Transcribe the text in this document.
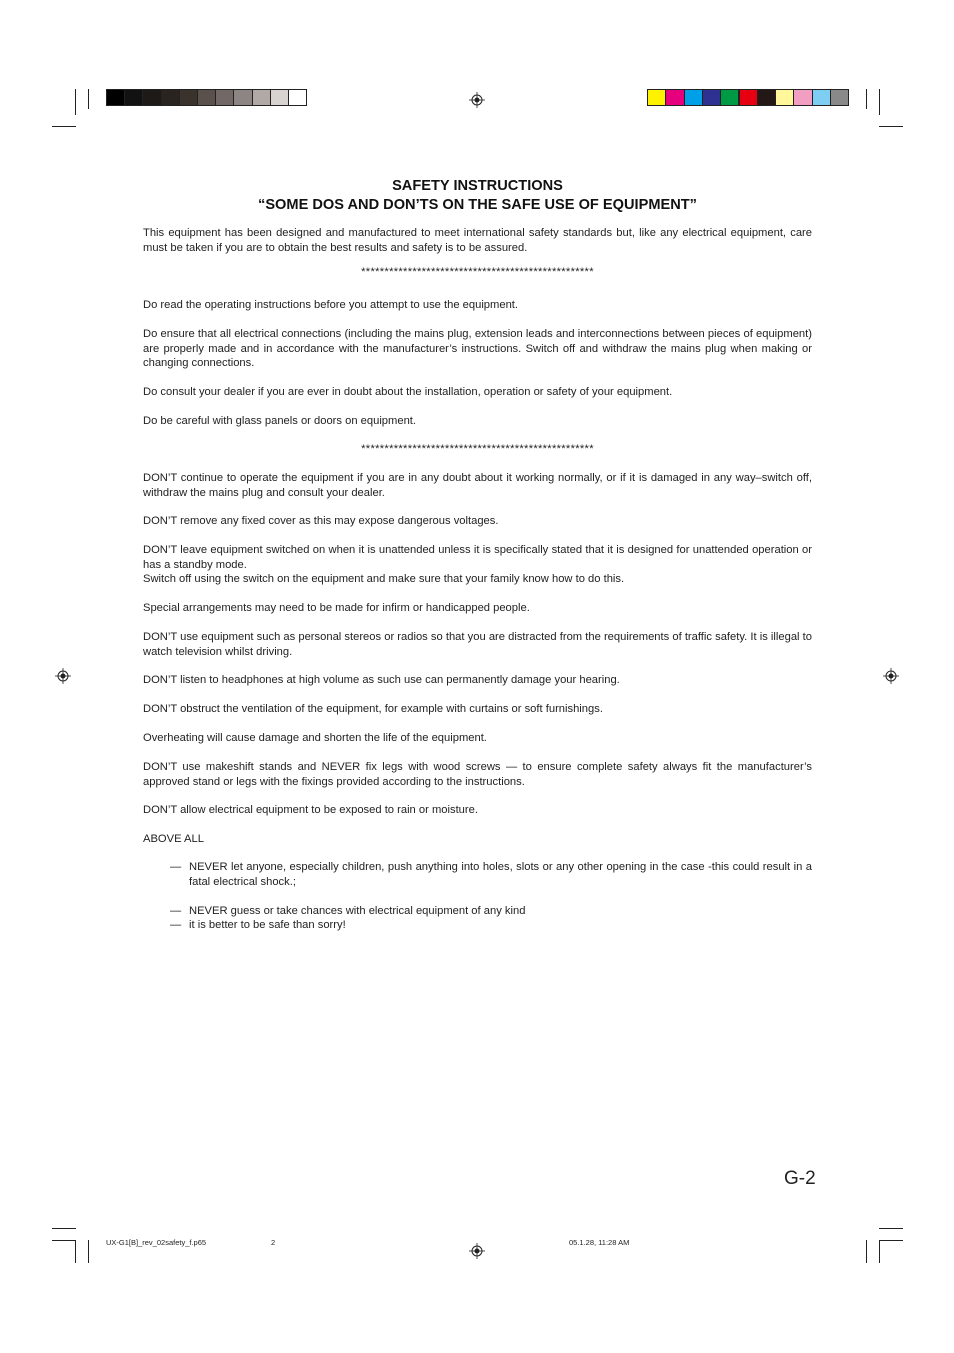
SAFETY INSTRUCTIONS
“SOME DOS AND DON’TS ON THE SAFE USE OF EQUIPMENT”
This equipment has been designed and manufactured to meet international safety standards but, like any electrical equipment, care must be taken if you are to obtain the best results and safety is to be assured.
**************************************************
Do read the operating instructions before you attempt to use the equipment.
Do ensure that all electrical connections (including the mains plug, extension leads and interconnections between pieces of equipment) are properly made and in accordance with the manufacturer’s instructions. Switch off and withdraw the mains plug when making or changing connections.
Do consult your dealer if you are ever in doubt about the installation, operation or safety of your equipment.
Do be careful with glass panels or doors on equipment.
**************************************************
DON’T continue to operate the equipment if you are in any doubt about it working normally, or if it is damaged in any way–switch off, withdraw the mains plug and consult your dealer.
DON’T remove any fixed cover as this may expose dangerous voltages.
DON’T leave equipment switched on when it is unattended unless it is specifically stated that it is designed for unattended operation or has a standby mode.
Switch off using the switch on the equipment and make sure that your family know how to do this.
Special arrangements may need to be made for infirm or handicapped people.
DON’T use equipment such as personal stereos or radios so that you are distracted from the requirements of traffic safety. It is illegal to watch television whilst driving.
DON’T listen to headphones at high volume as such use can permanently damage your hearing.
DON’T obstruct the ventilation of the equipment, for example with curtains or soft furnishings.
Overheating will cause damage and shorten the life of the equipment.
DON’T use makeshift stands and NEVER fix legs with wood screws — to ensure complete safety always fit the manufacturer’s approved stand or legs with the fixings provided according to the instructions.
DON’T allow electrical equipment to be exposed to rain or moisture.
ABOVE ALL
— NEVER let anyone, especially children, push anything into holes, slots or any other opening in the case -this could result in a fatal electrical shock.;
— NEVER guess or take chances with electrical equipment of any kind
— it is better to be safe than sorry!
G-2
UX-G1[B]_rev_02safety_f.p65	2	05.1.28, 11:28 AM
